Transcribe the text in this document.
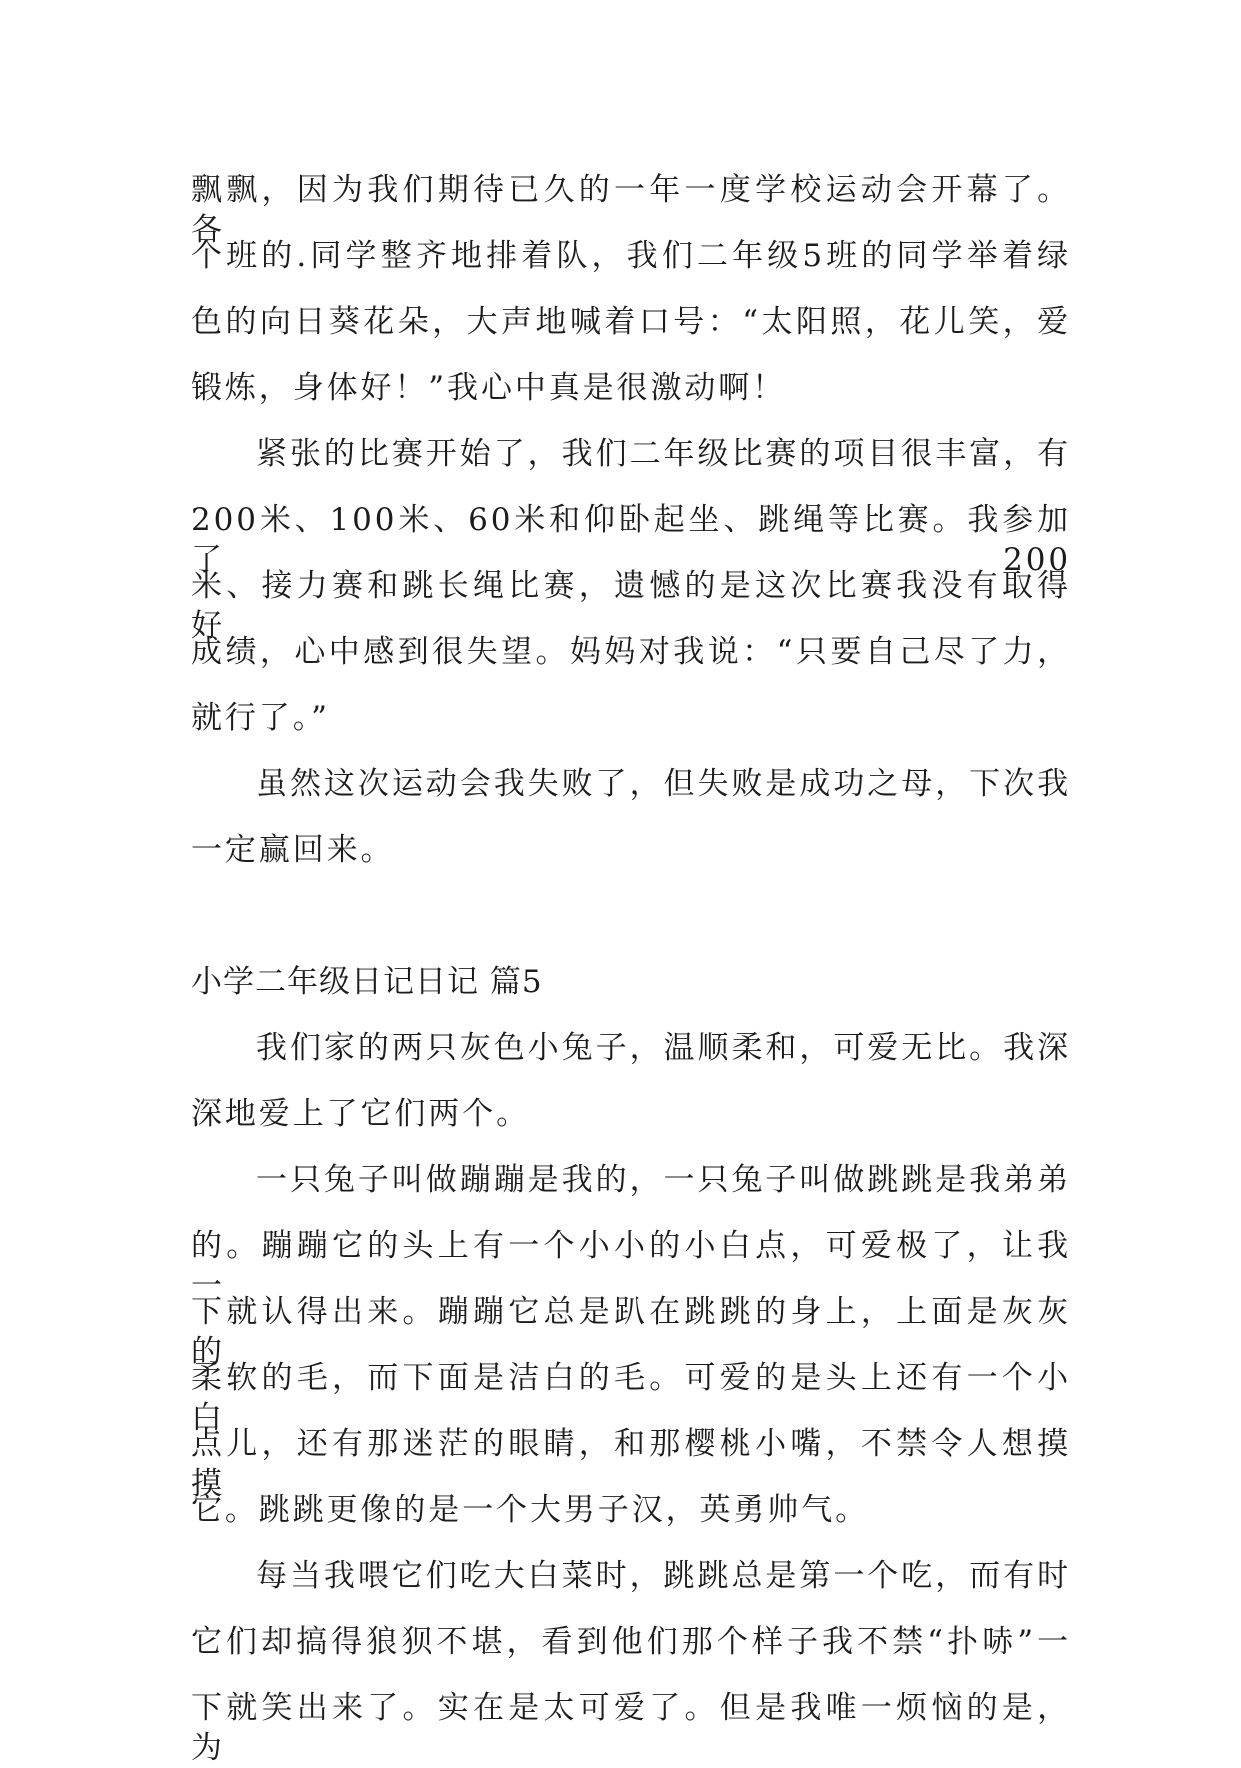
飘飘，因为我们期待已久的一年一度学校运动会开幕了。各

个班的.同学整齐地排着队，我们二年级5班的同学举着绿

色的向日葵花朵，大声地喊着口号：“太阳照，花儿笑，爱

锻炼，身体好！”我心中真是很激动啊！

紧张的比赛开始了，我们二年级比赛的项目很丰富，有

200米、100米、60米和仰卧起坐、跳绳等比赛。我参加了200

米、接力赛和跳长绳比赛，遗憾的是这次比赛我没有取得好

成绩，心中感到很失望。妈妈对我说：“只要自己尽了力，

就行了。”

虽然这次运动会我失败了，但失败是成功之母，下次我

一定赢回来。

小学二年级日记日记 篇5

我们家的两只灰色小兔子，温顺柔和，可爱无比。我深

深地爱上了它们两个。

一只兔子叫做蹦蹦是我的，一只兔子叫做跳跳是我弟弟

的。蹦蹦它的头上有一个小小的小白点，可爱极了，让我一

下就认得出来。蹦蹦它总是趴在跳跳的身上，上面是灰灰的

柔软的毛，而下面是洁白的毛。可爱的是头上还有一个小白

点儿，还有那迷茫的眼睛，和那樱桃小嘴，不禁令人想摸摸

它。跳跳更像的是一个大男子汉，英勇帅气。

每当我喂它们吃大白菜时，跳跳总是第一个吃，而有时

它们却搞得狼狈不堪，看到他们那个样子我不禁“扑哧”一

下就笑出来了。实在是太可爱了。但是我唯一烦恼的是，为
